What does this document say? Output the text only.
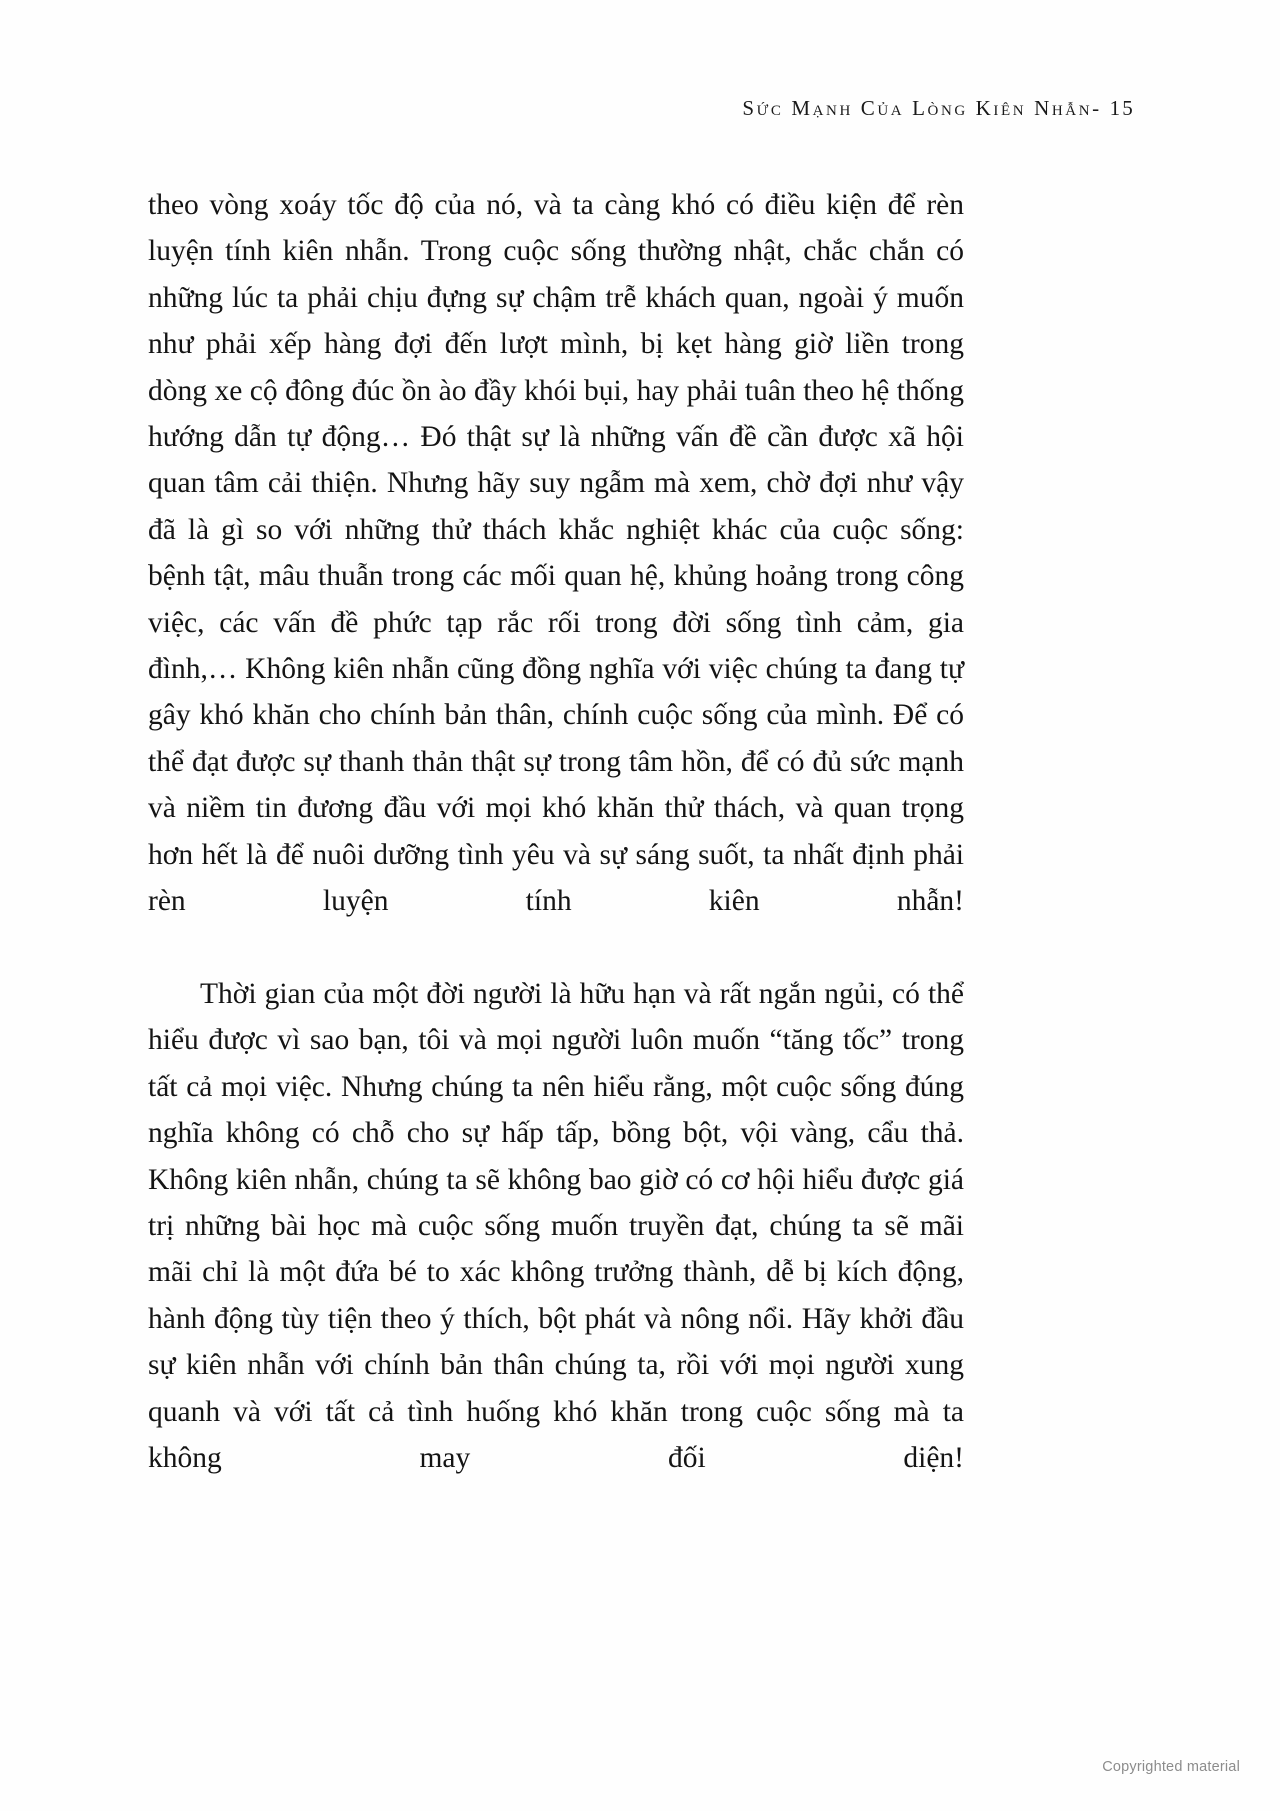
Sức Mạnh Của Lòng Kiên Nhẫn- 15

theo vòng xoáy tốc độ của nó, và ta càng khó có điều kiện để rèn luyện tính kiên nhẫn. Trong cuộc sống thường nhật, chắc chắn có những lúc ta phải chịu đựng sự chậm trễ khách quan, ngoài ý muốn như phải xếp hàng đợi đến lượt mình, bị kẹt hàng giờ liền trong dòng xe cộ đông đúc ồn ào đầy khói bụi, hay phải tuân theo hệ thống hướng dẫn tự động… Đó thật sự là những vấn đề cần được xã hội quan tâm cải thiện. Nhưng hãy suy ngẫm mà xem, chờ đợi như vậy đã là gì so với những thử thách khắc nghiệt khác của cuộc sống: bệnh tật, mâu thuẫn trong các mối quan hệ, khủng hoảng trong công việc, các vấn đề phức tạp rắc rối trong đời sống tình cảm, gia đình,… Không kiên nhẫn cũng đồng nghĩa với việc chúng ta đang tự gây khó khăn cho chính bản thân, chính cuộc sống của mình. Để có thể đạt được sự thanh thản thật sự trong tâm hồn, để có đủ sức mạnh và niềm tin đương đầu với mọi khó khăn thử thách, và quan trọng hơn hết là để nuôi dưỡng tình yêu và sự sáng suốt, ta nhất định phải rèn luyện tính kiên nhẫn!

Thời gian của một đời người là hữu hạn và rất ngắn ngủi, có thể hiểu được vì sao bạn, tôi và mọi người luôn muốn “tăng tốc” trong tất cả mọi việc. Nhưng chúng ta nên hiểu rằng, một cuộc sống đúng nghĩa không có chỗ cho sự hấp tấp, bồng bột, vội vàng, cẩu thả. Không kiên nhẫn, chúng ta sẽ không bao giờ có cơ hội hiểu được giá trị những bài học mà cuộc sống muốn truyền đạt, chúng ta sẽ mãi mãi chỉ là một đứa bé to xác không trưởng thành, dễ bị kích động, hành động tùy tiện theo ý thích, bột phát và nông nổi. Hãy khởi đầu sự kiên nhẫn với chính bản thân chúng ta, rồi với mọi người xung quanh và với tất cả tình huống khó khăn trong cuộc sống mà ta không may đối diện!

Copyrighted material
